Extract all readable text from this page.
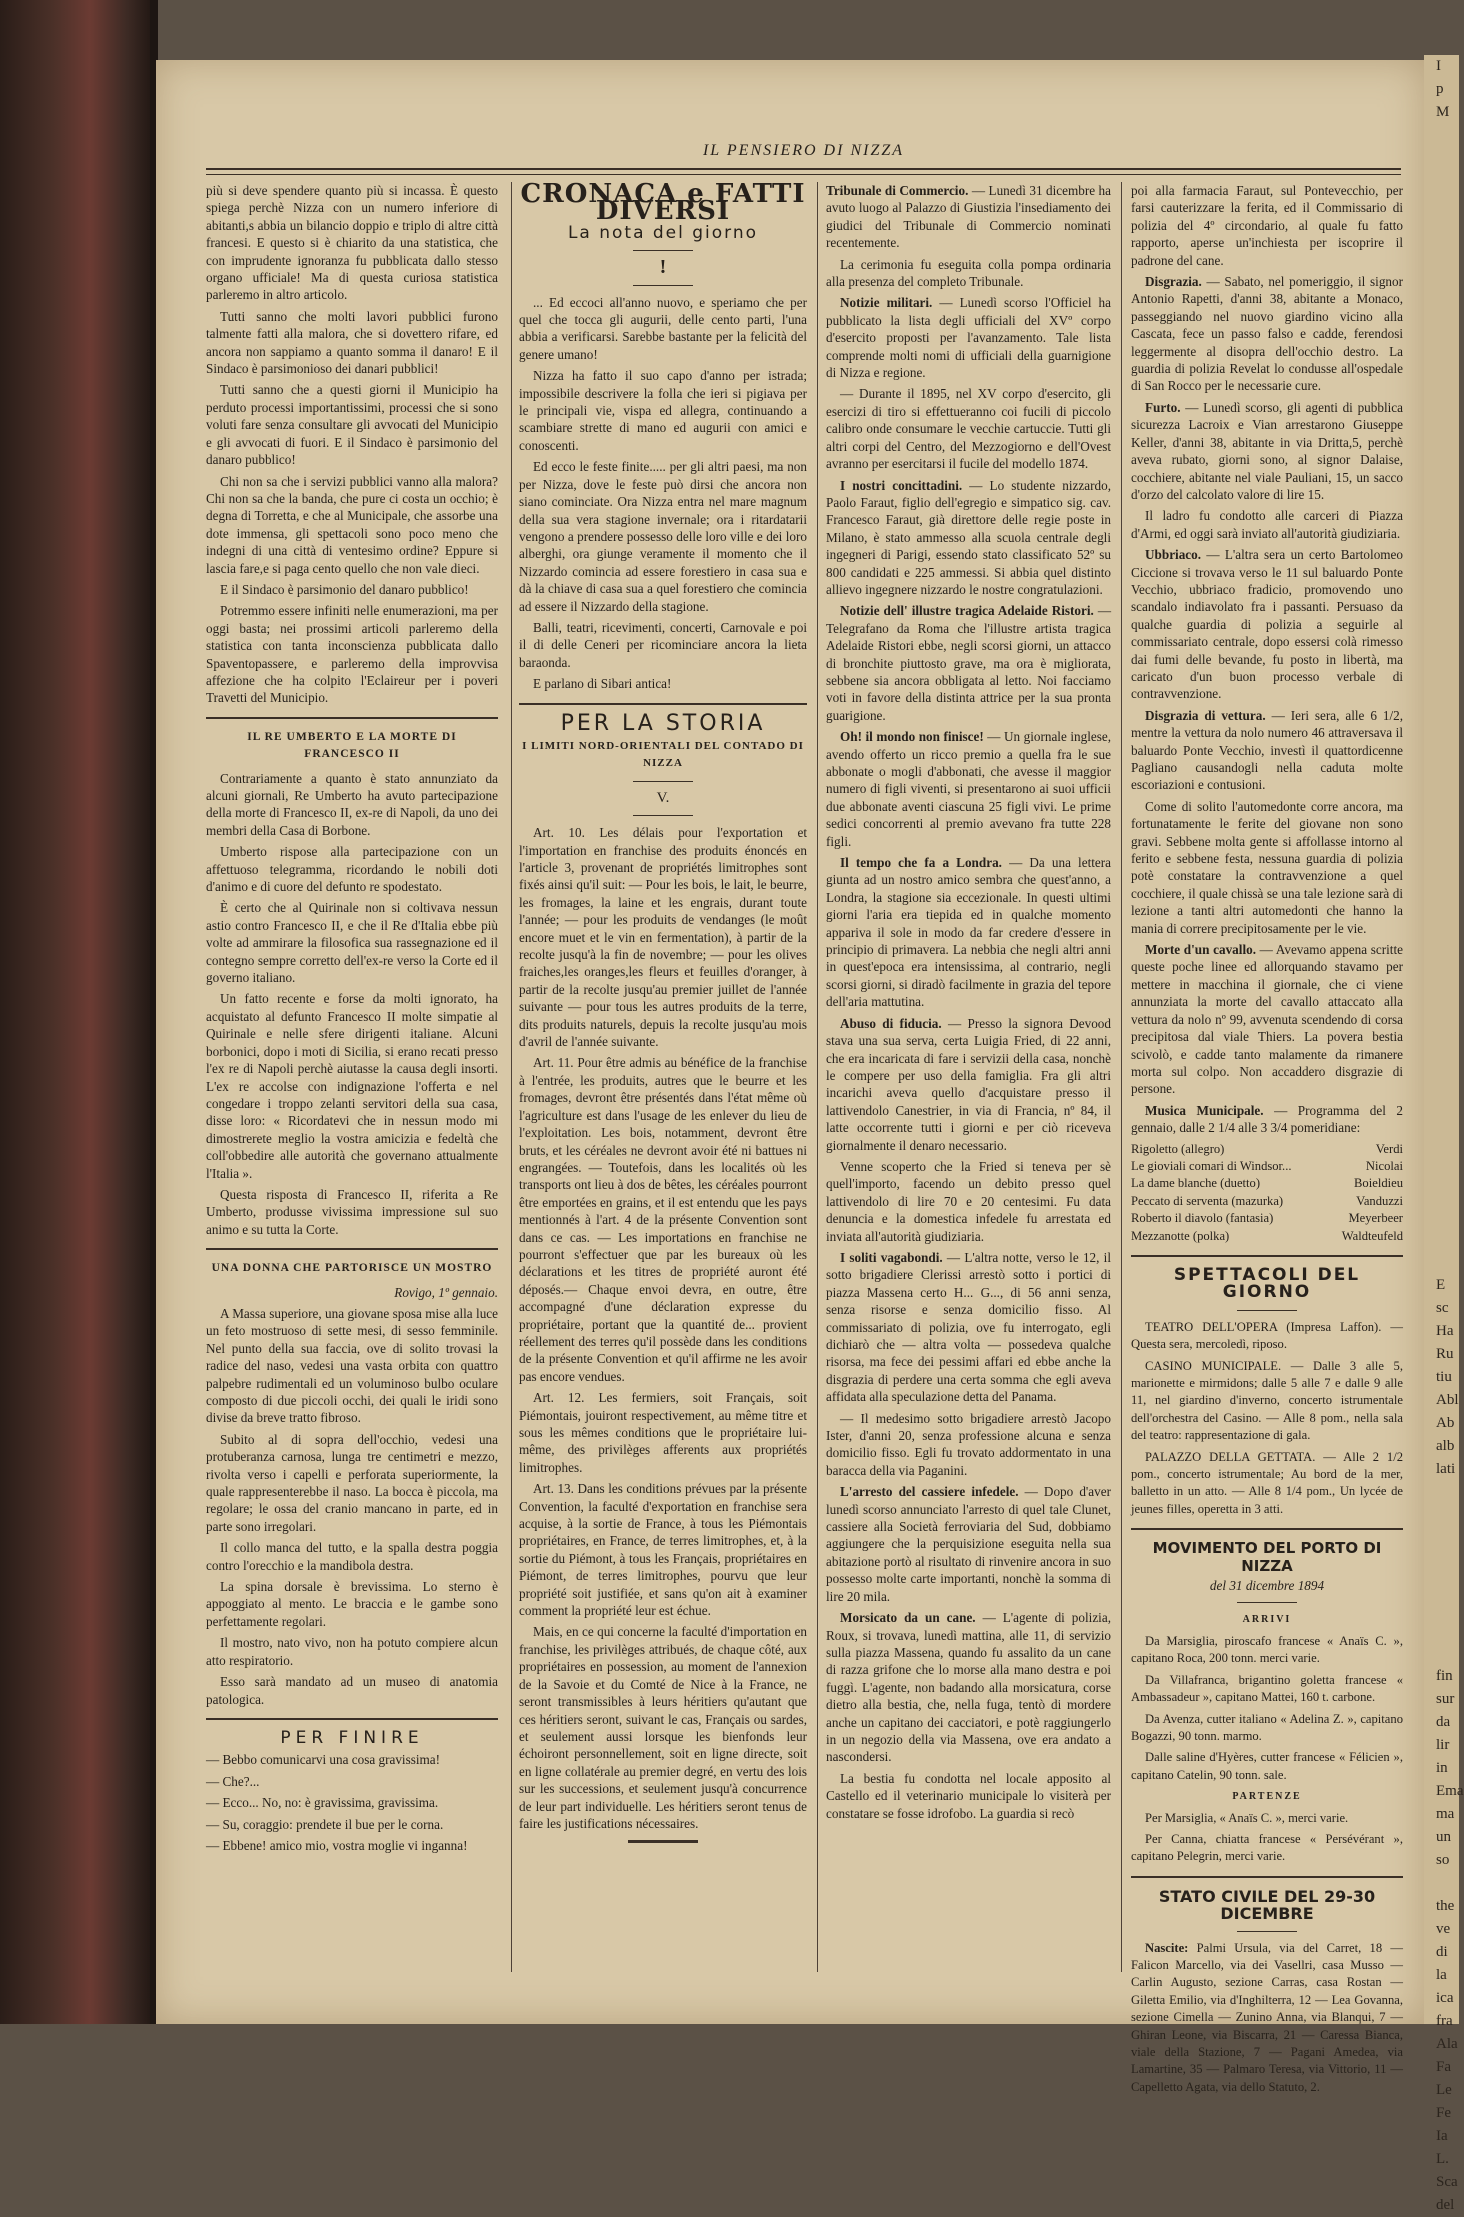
IL PENSIERO DI NIZZA

più si deve spendere quanto più si incassa. È questo spiega perchè Nizza con un numero inferiore di abitanti,s abbia un bilancio doppio e triplo di altre città francesi. E questo si è chiarito da una statistica, che con imprudente ignoranza fu pubblicata dallo stesso organo ufficiale! Ma di questa curiosa statistica parleremo in altro articolo.

Tutti sanno che molti lavori pubblici furono talmente fatti alla malora, che si dovettero rifare, ed ancora non sappiamo a quanto somma il danaro! E il Sindaco è parsimonioso dei danari pubblici!

Tutti sanno che a questi giorni il Municipio ha perduto processi importantissimi, processi che si sono voluti fare senza consultare gli avvocati del Municipio e gli avvocati di fuori. E il Sindaco è parsimonio del danaro pubblico!

Chi non sa che i servizi pubblici vanno alla malora? Chi non sa che la banda, che pure ci costa un occhio; è degna di Torretta, e che al Municipale, che assorbe una dote immensa, gli spettacoli sono poco meno che indegni di una città di ventesimo ordine? Eppure si lascia fare,e si paga cento quello che non vale dieci.

E il Sindaco è parsimonio del danaro pubblico!

Potremmo essere infiniti nelle enumerazioni, ma per oggi basta; nei prossimi articoli parleremo della statistica con tanta inconscienza pubblicata dallo Spaventopassere, e parleremo della improvvisa affezione che ha colpito l'Eclaireur per i poveri Travetti del Municipio.

IL RE UMBERTO E LA MORTE DI FRANCESCO II

Contrariamente a quanto è stato annunziato da alcuni giornali, Re Umberto ha avuto partecipazione della morte di Francesco II, ex-re di Napoli, da uno dei membri della Casa di Borbone.

Umberto rispose alla partecipazione con un affettuoso telegramma, ricordando le nobili doti d'animo e di cuore del defunto re spodestato.

È certo che al Quirinale non si coltivava nessun astio contro Francesco II, e che il Re d'Italia ebbe più volte ad ammirare la filosofica sua rassegnazione ed il contegno sempre corretto dell'ex-re verso la Corte ed il governo italiano.

Un fatto recente e forse da molti ignorato, ha acquistato al defunto Francesco II molte simpatie al Quirinale e nelle sfere dirigenti italiane. Alcuni borbonici, dopo i moti di Sicilia, si erano recati presso l'ex re di Napoli perchè aiutasse la causa degli insorti. L'ex re accolse con indignazione l'offerta e nel congedare i troppo zelanti servitori della sua casa, disse loro: « Ricordatevi che in nessun modo mi dimostrerete meglio la vostra amicizia e fedeltà che coll'obbedire alle autorità che governano attualmente l'Italia ».

Questa risposta di Francesco II, riferita a Re Umberto, produsse vivissima impressione sul suo animo e su tutta la Corte.

UNA DONNA CHE PARTORISCE UN MOSTRO
Rovigo, 1º gennaio.

A Massa superiore, una giovane sposa mise alla luce un feto mostruoso di sette mesi, di sesso femminile. Nel punto della sua faccia, ove di solito trovasi la radice del naso, vedesi una vasta orbita con quattro palpebre rudimentali ed un voluminoso bulbo oculare composto di due piccoli occhi, dei quali le iridi sono divise da breve tratto fibroso.

Subito al di sopra dell'occhio, vedesi una protuberanza carnosa, lunga tre centimetri e mezzo, rivolta verso i capelli e perforata superiormente, la quale rappresenterebbe il naso. La bocca è piccola, ma regolare; le ossa del cranio mancano in parte, ed in parte sono irregolari.

Il collo manca del tutto, e la spalla destra poggia contro l'orecchio e la mandibola destra.

La spina dorsale è brevissima. Lo sterno è appoggiato al mento. Le braccia e le gambe sono perfettamente regolari.

Il mostro, nato vivo, non ha potuto compiere alcun atto respiratorio.

Esso sarà mandato ad un museo di anatomia patologica.

PER FINIRE

— Bebbo comunicarvi una cosa gravissima!

— Che?...

— Ecco... No, no: è gravissima, gravissima.

— Su, coraggio: prendete il bue per le corna.

— Ebbene! amico mio, vostra moglie vi inganna!

CRONACA e FATTI DIVERSI
La nota del giorno
!

... Ed eccoci all'anno nuovo, e speriamo che per quel che tocca gli augurii, delle cento parti, l'una abbia a verificarsi. Sarebbe bastante per la felicità del genere umano!

Nizza ha fatto il suo capo d'anno per istrada; impossibile descrivere la folla che ieri si pigiava per le principali vie, vispa ed allegra, continuando a scambiare strette di mano ed augurii con amici e conoscenti.

Ed ecco le feste finite..... per gli altri paesi, ma non per Nizza, dove le feste può dirsi che ancora non siano cominciate. Ora Nizza entra nel mare magnum della sua vera stagione invernale; ora i ritardatarii vengono a prendere possesso delle loro ville e dei loro alberghi, ora giunge veramente il momento che il Nizzardo comincia ad essere forestiero in casa sua e dà la chiave di casa sua a quel forestiero che comincia ad essere il Nizzardo della stagione.

Balli, teatri, ricevimenti, concerti, Carnovale e poi il di delle Ceneri per ricominciare ancora la lieta baraonda.

E parlano di Sibari antica!

PER LA STORIA
I LIMITI NORD-ORIENTALI DEL CONTADO DI NIZZA
V.

Art. 10. Les délais pour l'exportation et l'importation en franchise des produits énoncés en l'article 3, provenant de propriétés limitrophes sont fixés ainsi qu'il suit: — Pour les bois, le lait, le beurre, les fromages, la laine et les engrais, durant toute l'année; — pour les produits de vendanges (le moût encore muet et le vin en fermentation), à partir de la recolte jusqu'à la fin de novembre; — pour les olives fraiches,les oranges,les fleurs et feuilles d'oranger, à partir de la recolte jusqu'au premier juillet de l'année suivante — pour tous les autres produits de la terre, dits produits naturels, depuis la recolte jusqu'au mois d'avril de l'année suivante.

Art. 11. Pour être admis au bénéfice de la franchise à l'entrée, les produits, autres que le beurre et les fromages, devront être présentés dans l'état même où l'agriculture est dans l'usage de les enlever du lieu de l'exploitation. Les bois, notamment, devront être bruts, et les céréales ne devront avoir été ni battues ni engrangées. — Toutefois, dans les localités où les transports ont lieu à dos de bêtes, les céréales pourront être emportées en grains, et il est entendu que les pays mentionnés à l'art. 4 de la présente Convention sont dans ce cas. — Les importations en franchise ne pourront s'effectuer que par les bureaux où les déclarations et les titres de propriété auront été déposés.— Chaque envoi devra, en outre, être accompagné d'une déclaration expresse du propriétaire, portant que la quantité de... provient réellement des terres qu'il possède dans les conditions de la présente Convention et qu'il affirme ne les avoir pas encore vendues.

Art. 12. Les fermiers, soit Français, soit Piémontais, jouiront respectivement, au même titre et sous les mêmes conditions que le propriétaire lui-même, des privilèges afferents aux propriétés limitrophes.

Art. 13. Dans les conditions prévues par la présente Convention, la faculté d'exportation en franchise sera acquise, à la sortie de France, à tous les Piémontais propriétaires, en France, de terres limitrophes, et, à la sortie du Piémont, à tous les Français, propriétaires en Piémont, de terres limitrophes, pourvu que leur propriété soit justifiée, et sans qu'on ait à examiner comment la propriété leur est échue.

Mais, en ce qui concerne la faculté d'importation en franchise, les privilèges attribués, de chaque côté, aux propriétaires en possession, au moment de l'annexion de la Savoie et du Comté de Nice à la France, ne seront transmissibles à leurs héritiers qu'autant que ces héritiers seront, suivant le cas, Français ou sardes, et seulement aussi lorsque les bienfonds leur échoiront personnellement, soit en ligne directe, soit en ligne collatérale au premier degré, en vertu des lois sur les successions, et seulement jusqu'à concurrence de leur part individuelle. Les héritiers seront tenus de faire les justifications nécessaires.

Tribunale di Commercio. — Lunedì 31 dicembre ha avuto luogo al Palazzo di Giustizia l'insediamento dei giudici del Tribunale di Commercio nominati recentemente.

La cerimonia fu eseguita colla pompa ordinaria alla presenza del completo Tribunale.

Notizie militari. — Lunedì scorso l'Officiel ha pubblicato la lista degli ufficiali del XVº corpo d'esercito proposti per l'avanzamento. Tale lista comprende molti nomi di ufficiali della guarnigione di Nizza e regione.

— Durante il 1895, nel XV corpo d'esercito, gli esercizi di tiro si effettueranno coi fucili di piccolo calibro onde consumare le vecchie cartuccie. Tutti gli altri corpi del Centro, del Mezzogiorno e dell'Ovest avranno per esercitarsi il fucile del modello 1874.

I nostri concittadini. — Lo studente nizzardo, Paolo Faraut, figlio dell'egregio e simpatico sig. cav. Francesco Faraut, già direttore delle regie poste in Milano, è stato ammesso alla scuola centrale degli ingegneri di Parigi, essendo stato classificato 52º su 800 candidati e 225 ammessi. Si abbia quel distinto allievo ingegnere nizzardo le nostre congratulazioni.

Notizie dell' illustre tragica Adelaide Ristori. — Telegrafano da Roma che l'illustre artista tragica Adelaide Ristori ebbe, negli scorsi giorni, un attacco di bronchite piuttosto grave, ma ora è migliorata, sebbene sia ancora obbligata al letto. Noi facciamo voti in favore della distinta attrice per la sua pronta guarigione.

Oh! il mondo non finisce! — Un giornale inglese, avendo offerto un ricco premio a quella fra le sue abbonate o mogli d'abbonati, che avesse il maggior numero di figli viventi, si presentarono ai suoi ufficii due abbonate aventi ciascuna 25 figli vivi. Le prime sedici concorrenti al premio avevano fra tutte 228 figli.

Il tempo che fa a Londra. — Da una lettera giunta ad un nostro amico sembra che quest'anno, a Londra, la stagione sia eccezionale. In questi ultimi giorni l'aria era tiepida ed in qualche momento appariva il sole in modo da far credere d'essere in principio di primavera. La nebbia che negli altri anni in quest'epoca era intensissima, al contrario, negli scorsi giorni, si diradò facilmente in grazia del tepore dell'aria mattutina.

Abuso di fiducia. — Presso la signora Devood stava una sua serva, certa Luigia Fried, di 22 anni, che era incaricata di fare i servizii della casa, nonchè le compere per uso della famiglia. Fra gli altri incarichi aveva quello d'acquistare presso il lattivendolo Canestrier, in via di Francia, nº 84, il latte occorrente tutti i giorni e per ciò riceveva giornalmente il denaro necessario.

Venne scoperto che la Fried si teneva per sè quell'importo, facendo un debito presso quel lattivendolo di lire 70 e 20 centesimi. Fu data denuncia e la domestica infedele fu arrestata ed inviata all'autorità giudiziaria.

I soliti vagabondi. — L'altra notte, verso le 12, il sotto brigadiere Clerissi arrestò sotto i portici di piazza Massena certo H... G..., di 56 anni senza, senza risorse e senza domicilio fisso. Al commissariato di polizia, ove fu interrogato, egli dichiarò che — altra volta — possedeva qualche risorsa, ma fece dei pessimi affari ed ebbe anche la disgrazia di perdere una certa somma che egli aveva affidata alla speculazione detta del Panama.

— Il medesimo sotto brigadiere arrestò Jacopo Ister, d'anni 20, senza professione alcuna e senza domicilio fisso. Egli fu trovato addormentato in una baracca della via Paganini.

L'arresto del cassiere infedele. — Dopo d'aver lunedì scorso annunciato l'arresto di quel tale Clunet, cassiere alla Società ferroviaria del Sud, dobbiamo aggiungere che la perquisizione eseguita nella sua abitazione portò al risultato di rinvenire ancora in suo possesso molte carte importanti, nonchè la somma di lire 20 mila.

Morsicato da un cane. — L'agente di polizia, Roux, si trovava, lunedì mattina, alle 11, di servizio sulla piazza Massena, quando fu assalito da un cane di razza grifone che lo morse alla mano destra e poi fuggì. L'agente, non badando alla morsicatura, corse dietro alla bestia, che, nella fuga, tentò di mordere anche un capitano dei cacciatori, e potè raggiungerlo in un negozio della via Massena, ove era andato a nascondersi.

La bestia fu condotta nel locale apposito al Castello ed il veterinario municipale lo visiterà per constatare se fosse idrofobo. La guardia si recò

poi alla farmacia Faraut, sul Pontevecchio, per farsi cauterizzare la ferita, ed il Commissario di polizia del 4º circondario, al quale fu fatto rapporto, aperse un'inchiesta per iscoprire il padrone del cane.

Disgrazia. — Sabato, nel pomeriggio, il signor Antonio Rapetti, d'anni 38, abitante a Monaco, passeggiando nel nuovo giardino vicino alla Cascata, fece un passo falso e cadde, ferendosi leggermente al disopra dell'occhio destro. La guardia di polizia Revelat lo condusse all'ospedale di San Rocco per le necessarie cure.

Furto. — Lunedì scorso, gli agenti di pubblica sicurezza Lacroix e Vian arrestarono Giuseppe Keller, d'anni 38, abitante in via Dritta,5, perchè aveva rubato, giorni sono, al signor Dalaise, cocchiere, abitante nel viale Pauliani, 15, un sacco d'orzo del calcolato valore di lire 15.

Il ladro fu condotto alle carceri di Piazza d'Armi, ed oggi sarà inviato all'autorità giudiziaria.

Ubbriaco. — L'altra sera un certo Bartolomeo Ciccione si trovava verso le 11 sul baluardo Ponte Vecchio, ubbriaco fradicio, promovendo uno scandalo indiavolato fra i passanti. Persuaso da qualche guardia di polizia a seguirle al commissariato centrale, dopo essersi colà rimesso dai fumi delle bevande, fu posto in libertà, ma caricato d'un buon processo verbale di contravvenzione.

Disgrazia di vettura. — Ieri sera, alle 6 1/2, mentre la vettura da nolo numero 46 attraversava il baluardo Ponte Vecchio, investì il quattordicenne Pagliano causandogli nella caduta molte escoriazioni e contusioni.

Come di solito l'automedonte corre ancora, ma fortunatamente le ferite del giovane non sono gravi. Sebbene molta gente si affollasse intorno al ferito e sebbene festa, nessuna guardia di polizia potè constatare la contravvenzione a quel cocchiere, il quale chissà se una tale lezione sarà di lezione a tanti altri automedonti che hanno la mania di correre precipitosamente per le vie.

Morte d'un cavallo. — Avevamo appena scritte queste poche linee ed allorquando stavamo per mettere in macchina il giornale, che ci viene annunziata la morte del cavallo attaccato alla vettura da nolo nº 99, avvenuta scendendo di corsa precipitosa dal viale Thiers. La povera bestia scivolò, e cadde tanto malamente da rimanere morta sul colpo. Non accaddero disgrazie di persone.

Musica Municipale. — Programma del 2 gennaio, dalle 2 1/4 alle 3 3/4 pomeridiane:

Rigoletto (allegro)	Verdi
Le gioviali comari di Windsor...	Nicolai
La dame blanche (duetto)	Boieldieu
Peccato di serventa (mazurka)	Vanduzzi
Roberto il diavolo (fantasia)	Meyerbeer
Mezzanotte (polka)	Waldteufeld
SPETTACOLI DEL GIORNO

TEATRO DELL'OPERA (Impresa Laffon). — Questa sera, mercoledì, riposo.

CASINO MUNICIPALE. — Dalle 3 alle 5, marionette e mirmidons; dalle 5 alle 7 e dalle 9 alle 11, nel giardino d'inverno, concerto istrumentale dell'orchestra del Casino. — Alle 8 pom., nella sala del teatro: rappresentazione di gala.

PALAZZO DELLA GETTATA. — Alle 2 1/2 pom., concerto istrumentale; Au bord de la mer, balletto in un atto. — Alle 8 1/4 pom., Un lycée de jeunes filles, operetta in 3 atti.

MOVIMENTO DEL PORTO DI NIZZA
del 31 dicembre 1894
ARRIVI

Da Marsiglia, piroscafo francese « Anaïs C. », capitano Roca, 200 tonn. merci varie.

Da Villafranca, brigantino goletta francese « Ambassadeur », capitano Mattei, 160 t. carbone.

Da Avenza, cutter italiano « Adelina Z. », capitano Bogazzi, 90 tonn. marmo.

Dalle saline d'Hyères, cutter francese « Félicien », capitano Catelin, 90 tonn. sale.

PARTENZE

Per Marsiglia, « Anaïs C. », merci varie.

Per Canna, chiatta francese « Persévérant », capitano Pelegrin, merci varie.

STATO CIVILE DEL 29-30 DICEMBRE

Nascite: Palmi Ursula, via del Carret, 18 — Falicon Marcello, via dei Vasellri, casa Musso — Carlin Augusto, sezione Carras, casa Rostan — Giletta Emilio, via d'Inghilterra, 12 — Lea Govanna, sezione Cimella — Zunino Anna, via Blanqui, 7 — Ghiran Leone, via Biscarra, 21 — Caressa Bianca, viale della Stazione, 7 — Pagani Amedea, via Lamartine, 35 — Palmaro Teresa, via Vittorio, 11 — Capelletto Agata, via dello Statuto, 2.

I
p
M

E
sc
Ha
Ru
tiu
Abl
Ab
alb
lati

fin
sur
da
lir
in
Ema
ma
un
so

the
ve
di
la
ica
fra
Ala
Fa
Le
Fe
Ia
L.
Sca
del
